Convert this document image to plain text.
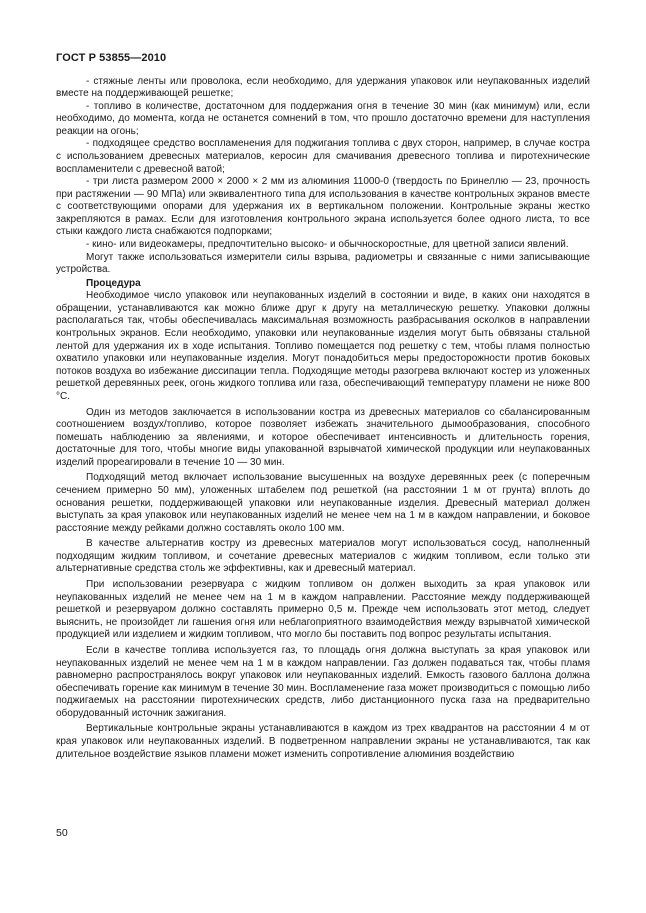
ГОСТ Р 53855—2010

- стяжные ленты или проволока, если необходимо, для удержания упаковок или неупакованных изделий вместе на поддерживающей решетке;

- топливо в количестве, достаточном для поддержания огня в течение 30 мин (как минимум) или, если необходимо, до момента, когда не останется сомнений в том, что прошло достаточно времени для наступления реакции на огонь;

- подходящее средство воспламенения для поджигания топлива с двух сторон, например, в случае костра с использованием древесных материалов, керосин для смачивания древесного топлива и пиротехнические воспламенители с древесной ватой;

- три листа размером 2000 × 2000 × 2 мм из алюминия 11000-0 (твердость по Бринеллю — 23, прочность при растяжении — 90 МПа) или эквивалентного типа для использования в качестве контрольных экранов вместе с соответствующими опорами для удержания их в вертикальном положении. Контрольные экраны жестко закрепляются в рамах. Если для изготовления контрольного экрана используется более одного листа, то все стыки каждого листа снабжаются подпорками;

- кино- или видеокамеры, предпочтительно высоко- и обычноскоростные, для цветной записи явлений.

Могут также использоваться измерители силы взрыва, радиометры и связанные с ними записывающие устройства.

Процедура

Необходимое число упаковок или неупакованных изделий в состоянии и виде, в каких они находятся в обращении, устанавливаются как можно ближе друг к другу на металлическую решетку. Упаковки должны располагаться так, чтобы обеспечивалась максимальная возможность разбрасывания осколков в направлении контрольных экранов. Если необходимо, упаковки или неупакованные изделия могут быть обвязаны стальной лентой для удержания их в ходе испытания. Топливо помещается под решетку с тем, чтобы пламя полностью охватило упаковки или неупакованные изделия. Могут понадобиться меры предосторожности против боковых потоков воздуха во избежание диссипации тепла. Подходящие методы разогрева включают костер из уложенных решеткой деревянных реек, огонь жидкого топлива или газа, обеспечивающий температуру пламени не ниже 800 °С.

Один из методов заключается в использовании костра из древесных материалов со сбалансированным соотношением воздух/топливо, которое позволяет избежать значительного дымообразования, способного помешать наблюдению за явлениями, и которое обеспечивает интенсивность и длительность горения, достаточные для того, чтобы многие виды упакованной взрывчатой химической продукции или неупакованных изделий прореагировали в течение 10 — 30 мин.

Подходящий метод включает использование высушенных на воздухе деревянных реек (с поперечным сечением примерно 50 мм), уложенных штабелем под решеткой (на расстоянии 1 м от грунта) вплоть до основания решетки, поддерживающей упаковки или неупакованные изделия. Древесный материал должен выступать за края упаковок или неупакованных изделий не менее чем на 1 м в каждом направлении, и боковое расстояние между рейками должно составлять около 100 мм.

В качестве альтернатив костру из древесных материалов могут использоваться сосуд, наполненный подходящим жидким топливом, и сочетание древесных материалов с жидким топливом, если только эти альтернативные средства столь же эффективны, как и древесный материал.

При использовании резервуара с жидким топливом он должен выходить за края упаковок или неупакованных изделий не менее чем на 1 м в каждом направлении. Расстояние между поддерживающей решеткой и резервуаром должно составлять примерно 0,5 м. Прежде чем использовать этот метод, следует выяснить, не произойдет ли гашения огня или неблагоприятного взаимодействия между взрывчатой химической продукцией или изделием и жидким топливом, что могло бы поставить под вопрос результаты испытания.

Если в качестве топлива используется газ, то площадь огня должна выступать за края упаковок или неупакованных изделий не менее чем на 1 м в каждом направлении. Газ должен подаваться так, чтобы пламя равномерно распространялось вокруг упаковок или неупакованных изделий. Емкость газового баллона должна обеспечивать горение как минимум в течение 30 мин. Воспламенение газа может производиться с помощью либо поджигаемых на расстоянии пиротехнических средств, либо дистанционного пуска газа на предварительно оборудованный источник зажигания.

Вертикальные контрольные экраны устанавливаются в каждом из трех квадрантов на расстоянии 4 м от края упаковок или неупакованных изделий. В подветренном направлении экраны не устанавливаются, так как длительное воздействие языков пламени может изменить сопротивление алюминия воздействию

50
